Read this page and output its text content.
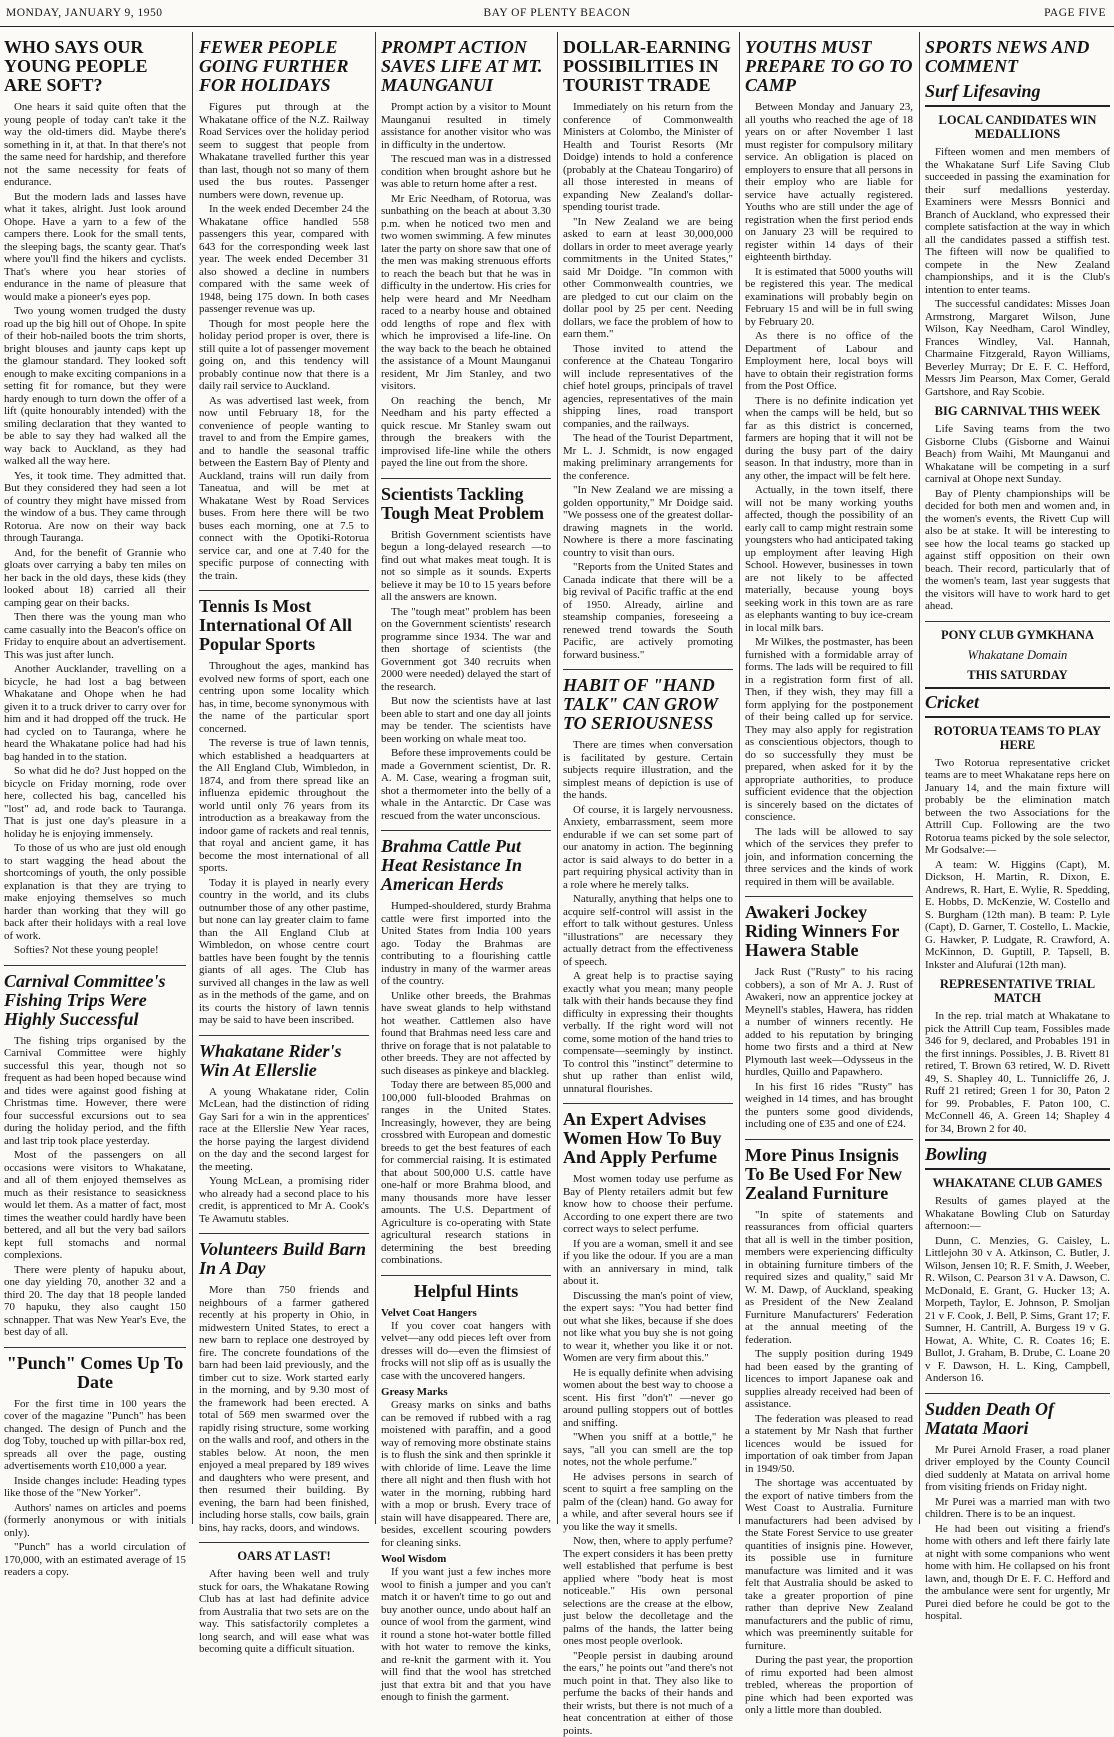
MONDAY, JANUARY 9, 1950	BAY OF PLENTY BEACON	PAGE FIVE
WHO SAYS OUR YOUNG PEOPLE ARE SOFT?

One hears it said quite often that the young people of today can't take it the way the old-timers did. Maybe there's something in it, at that. In that there's not the same need for hardship, and therefore not the same necessity for feats of endurance.

But the modern lads and lasses have what it takes, alright. Just look around Ohope. Have a yarn to a few of the campers there. Look for the small tents, the sleeping bags, the scanty gear. That's where you'll find the hikers and cyclists. That's where you hear stories of endurance in the name of pleasure that would make a pioneer's eyes pop.

Two young women trudged the dusty road up the big hill out of Ohope. In spite of their hob-nailed boots the trim shorts, bright blouses and jaunty caps kept up the glamour standard. They looked soft enough to make exciting companions in a setting fit for romance, but they were hardy enough to turn down the offer of a lift (quite honourably intended) with the smiling declaration that they wanted to be able to say they had walked all the way back to Auckland, as they had walked all the way here.

Yes, it took time. They admitted that. But they considered they had seen a lot of country they might have missed from the window of a bus. They came through Rotorua. Are now on their way back through Tauranga.

And, for the benefit of Grannie who gloats over carrying a baby ten miles on her back in the old days, these kids (they looked about 18) carried all their camping gear on their backs.

Then there was the young man who came casually into the Beacon's office on Friday to enquire about an advertisement. This was just after lunch.

Another Aucklander, travelling on a bicycle, he had lost a bag between Whakatane and Ohope when he had given it to a truck driver to carry over for him and it had dropped off the truck. He had cycled on to Tauranga, where he heard the Whakatane police had had his bag handed in to the station.

So what did he do? Just hopped on the bicycle on Friday morning, rode over here, collected his bag, cancelled his "lost" ad, and rode back to Tauranga. That is just one day's pleasure in a holiday he is enjoying immensely.

To those of us who are just old enough to start wagging the head about the shortcomings of youth, the only possible explanation is that they are trying to make enjoying themselves so much harder than working that they will go back after their holidays with a real love of work.

Softies? Not these young people!

Carnival Committee's Fishing Trips Were Highly Successful

The fishing trips organised by the Carnival Committee were highly successful this year, though not so frequent as had been hoped because wind and tides were against good fishing at Christmas time. However, there were four successful excursions out to sea during the holiday period, and the fifth and last trip took place yesterday.

Most of the passengers on all occasions were visitors to Whakatane, and all of them enjoyed themselves as much as their resistance to seasickness would let them. As a matter of fact, most times the weather could hardly have been bettered, and all but the very bad sailors kept full stomachs and normal complexions.

There were plenty of hapuku about, one day yielding 70, another 32 and a third 20. The day that 18 people landed 70 hapuku, they also caught 150 schnapper. That was New Year's Eve, the best day of all.

"Punch" Comes Up To Date

For the first time in 100 years the cover of the magazine "Punch" has been changed. The design of Punch and the dog Toby, touched up with pillar-box red, spreads all over the page, ousting advertisements worth £10,000 a year.

Inside changes include: Heading types like those of the "New Yorker".

Authors' names on articles and poems (formerly anonymous or with initials only).

"Punch" has a world circulation of 170,000, with an estimated average of 15 readers a copy.

FEWER PEOPLE GOING FURTHER FOR HOLIDAYS

Figures put through at the Whakatane office of the N.Z. Railway Road Services over the holiday period seem to suggest that people from Whakatane travelled further this year than last, though not so many of them used the bus routes. Passenger numbers were down, revenue up.

In the week ended December 24 the Whakatane office handled 558 passengers this year, compared with 643 for the corresponding week last year. The week ended December 31 also showed a decline in numbers compared with the same week of 1948, being 175 down. In both cases passenger revenue was up.

Though for most people here the holiday period proper is over, there is still quite a lot of passenger movement going on, and this tendency will probably continue now that there is a daily rail service to Auckland.

As was advertised last week, from now until February 18, for the convenience of people wanting to travel to and from the Empire games, and to handle the seasonal traffic between the Eastern Bay of Plenty and Auckland, trains will run daily from Taneatua, and will be met at Whakatane West by Road Services buses. From here there will be two buses each morning, one at 7.5 to connect with the Opotiki-Rotorua service car, and one at 7.40 for the specific purpose of connecting with the train.

Tennis Is Most International Of All Popular Sports

Throughout the ages, mankind has evolved new forms of sport, each one centring upon some locality which has, in time, become synonymous with the name of the particular sport concerned.

The reverse is true of lawn tennis, which established a headquarters at the All England Club, Wimbledon, in 1874, and from there spread like an influenza epidemic throughout the world until only 76 years from its introduction as a breakaway from the indoor game of rackets and real tennis, that royal and ancient game, it has become the most international of all sports.

Today it is played in nearly every country in the world, and its clubs outnumber those of any other pastime, but none can lay greater claim to fame than the All England Club at Wimbledon, on whose centre court battles have been fought by the tennis giants of all ages. The Club has survived all changes in the law as well as in the methods of the game, and on its courts the history of lawn tennis may be said to have been inscribed.

Whakatane Rider's Win At Ellerslie

A young Whakatane rider, Colin McLean, had the distinction of riding Gay Sari for a win in the apprentices' race at the Ellerslie New Year races, the horse paying the largest dividend on the day and the second largest for the meeting.

Young McLean, a promising rider who already had a second place to his credit, is apprenticed to Mr A. Cook's Te Awamutu stables.

Volunteers Build Barn In A Day

More than 750 friends and neighbours of a farmer gathered recently at his property in Ohio, in midwestern United States, to erect a new barn to replace one destroyed by fire. The concrete foundations of the barn had been laid previously, and the timber cut to size. Work started early in the morning, and by 9.30 most of the framework had been erected. A total of 569 men swarmed over the rapidly rising structure, some working on the walls and roof, and others in the stables below. At noon, the men enjoyed a meal prepared by 189 wives and daughters who were present, and then resumed their building. By evening, the barn had been finished, including horse stalls, cow bails, grain bins, hay racks, doors, and windows.

OARS AT LAST!

After having been well and truly stuck for oars, the Whakatane Rowing Club has at last had definite advice from Australia that two sets are on the way. This satisfactorily completes a long search, and will ease what was becoming quite a difficult situation.

PROMPT ACTION SAVES LIFE AT MT. MAUNGANUI

Prompt action by a visitor to Mount Maunganui resulted in timely assistance for another visitor who was in difficulty in the undertow.

The rescued man was in a distressed condition when brought ashore but he was able to return home after a rest.

Mr Eric Needham, of Rotorua, was sunbathing on the beach at about 3.30 p.m. when he noticed two men and two women swimming. A few minutes later the party on shore saw that one of the men was making strenuous efforts to reach the beach but that he was in difficulty in the undertow. His cries for help were heard and Mr Needham raced to a nearby house and obtained odd lengths of rope and flex with which he improvised a life-line. On the way back to the beach he obtained the assistance of a Mount Maunganui resident, Mr Jim Stanley, and two visitors.

On reaching the bench, Mr Needham and his party effected a quick rescue. Mr Stanley swam out through the breakers with the improvised life-line while the others payed the line out from the shore.

Scientists Tackling Tough Meat Problem

British Government scientists have begun a long-delayed research —to find out what makes meat tough. It is not so simple as it sounds. Experts believe it may be 10 to 15 years before all the answers are known.

The "tough meat" problem has been on the Government scientists' research programme since 1934. The war and then shortage of scientists (the Government got 340 recruits when 2000 were needed) delayed the start of the research.

But now the scientists have at last been able to start and one day all joints may be tender. The scientists have been working on whale meat too.

Before these improvements could be made a Government scientist, Dr. R. A. M. Case, wearing a frogman suit, shot a thermometer into the belly of a whale in the Antarctic. Dr Case was rescued from the water unconscious.

Brahma Cattle Put Heat Resistance In American Herds

Humped-shouldered, sturdy Brahma cattle were first imported into the United States from India 100 years ago. Today the Brahmas are contributing to a flourishing cattle industry in many of the warmer areas of the country.

Unlike other breeds, the Brahmas have sweat glands to help withstand hot weather. Cattlemen also have found that Brahmas need less care and thrive on forage that is not palatable to other breeds. They are not affected by such diseases as pinkeye and blackleg.

Today there are between 85,000 and 100,000 full-blooded Brahmas on ranges in the United States. Increasingly, however, they are being crossbred with European and domestic breeds to get the best features of each for commercial raising. It is estimated that about 500,000 U.S. cattle have one-half or more Brahma blood, and many thousands more have lesser amounts. The U.S. Department of Agriculture is co-operating with State agricultural research stations in determining the best breeding combinations.

Helpful Hints
Velvet Coat Hangers

If you cover coat hangers with velvet—any odd pieces left over from dresses will do—even the flimsiest of frocks will not slip off as is usually the case with the uncovered hangers.

Greasy Marks

Greasy marks on sinks and baths can be removed if rubbed with a rag moistened with paraffin, and a good way of removing more obstinate stains is to flush the sink and then sprinkle it with chloride of lime. Leave the lime there all night and then flush with hot water in the morning, rubbing hard with a mop or brush. Every trace of stain will have disappeared. There are, besides, excellent scouring powders for cleaning sinks.

Wool Wisdom

If you want just a few inches more wool to finish a jumper and you can't match it or haven't time to go out and buy another ounce, undo about half an ounce of wool from the garment, wind it round a stone hot-water bottle filled with hot water to remove the kinks, and re-knit the garment with it. You will find that the wool has stretched just that extra bit and that you have enough to finish the garment.

DOLLAR-EARNING POSSIBILITIES IN TOURIST TRADE

Immediately on his return from the conference of Commonwealth Ministers at Colombo, the Minister of Health and Tourist Resorts (Mr Doidge) intends to hold a conference (probably at the Chateau Tongariro) of all those interested in means of expanding New Zealand's dollar-spending tourist trade.

"In New Zealand we are being asked to earn at least 30,000,000 dollars in order to meet average yearly commitments in the United States," said Mr Doidge. "In common with other Commonwealth countries, we are pledged to cut our claim on the dollar pool by 25 per cent. Needing dollars, we face the problem of how to earn them."

Those invited to attend the conference at the Chateau Tongariro will include representatives of the chief hotel groups, principals of travel agencies, representatives of the main shipping lines, road transport companies, and the railways.

The head of the Tourist Department, Mr L. J. Schmidt, is now engaged making preliminary arrangements for the conference.

"In New Zealand we are missing a golden opportunity," Mr Doidge said. "We possess one of the greatest dollar-drawing magnets in the world. Nowhere is there a more fascinating country to visit than ours.

"Reports from the United States and Canada indicate that there will be a big revival of Pacific traffic at the end of 1950. Already, airline and steamship companies, foreseeing a renewed trend towards the South Pacific, are actively promoting forward business."

HABIT OF "HAND TALK" CAN GROW TO SERIOUSNESS

There are times when conversation is facilitated by gesture. Certain subjects require illustration, and the simplest means of depiction is use of the hands.

Of course, it is largely nervousness. Anxiety, embarrassment, seem more endurable if we can set some part of our anatomy in action. The beginning actor is said always to do better in a part requiring physical activity than in a role where he merely talks.

Naturally, anything that helps one to acquire self-control will assist in the effort to talk without gestures. Unless "illustrations" are necessary they actually detract from the effectiveness of speech.

A great help is to practise saying exactly what you mean; many people talk with their hands because they find difficulty in expressing their thoughts verbally. If the right word will not come, some motion of the hand tries to compensate—seemingly by instinct. To control this "instinct" determine to shut up rather than enlist wild, unnatural flourishes.

An Expert Advises Women How To Buy And Apply Perfume

Most women today use perfume as Bay of Plenty retailers admit but few know how to choose their perfume. According to one expert there are two correct ways to select perfume.

If you are a woman, smell it and see if you like the odour. If you are a man with an anniversary in mind, talk about it.

Discussing the man's point of view, the expert says: "You had better find out what she likes, because if she does not like what you buy she is not going to wear it, whether you like it or not. Women are very firm about this."

He is equally definite when advising women about the best way to choose a scent. His first "don't" —never go around pulling stoppers out of bottles and sniffing.

"When you sniff at a bottle," he says, "all you can smell are the top notes, not the whole perfume."

He advises persons in search of scent to squirt a free sampling on the palm of the (clean) hand. Go away for a while, and after several hours see if you like the way it smells.

Now, then, where to apply perfume? The expert considers it has been pretty well established that perfume is best applied where "body heat is most noticeable." His own personal selections are the crease at the elbow, just below the decolletage and the palms of the hands, the latter being ones most people overlook.

"People persist in daubing around the ears," he points out "and there's not much point in that. They also like to perfume the backs of their hands and their wrists, but there is not much of a heat concentration at either of those points.

YOUTHS MUST PREPARE TO GO TO CAMP

Between Monday and January 23, all youths who reached the age of 18 years on or after November 1 last must register for compulsory military service. An obligation is placed on employers to ensure that all persons in their employ who are liable for service have actually registered. Youths who are still under the age of registration when the first period ends on January 23 will be required to register within 14 days of their eighteenth birthday.

It is estimated that 5000 youths will be registered this year. The medical examinations will probably begin on February 15 and will be in full swing by February 20.

As there is no office of the Department of Labour and Employment here, local boys will have to obtain their registration forms from the Post Office.

There is no definite indication yet when the camps will be held, but so far as this district is concerned, farmers are hoping that it will not be during the busy part of the dairy season. In that industry, more than in any other, the impact will be felt here.

Actually, in the town itself, there will not be many working youths affected, though the possibility of an early call to camp might restrain some youngsters who had anticipated taking up employment after leaving High School. However, businesses in town are not likely to be affected materially, because young boys seeking work in this town are as rare as elephants wanting to buy ice-cream in local milk bars.

Mr Wilkes, the postmaster, has been furnished with a formidable array of forms. The lads will be required to fill in a registration form first of all. Then, if they wish, they may fill a form applying for the postponement of their being called up for service. They may also apply for registration as conscientious objectors, though to do so successfully they must be prepared, when asked for it by the appropriate authorities, to produce sufficient evidence that the objection is sincerely based on the dictates of conscience.

The lads will be allowed to say which of the services they prefer to join, and information concerning the three services and the kinds of work required in them will be available.

Awakeri Jockey Riding Winners For Hawera Stable

Jack Rust ("Rusty" to his racing cobbers), a son of Mr A. J. Rust of Awakeri, now an apprentice jockey at Meynell's stables, Hawera, has ridden a number of winners recently. He added to his reputation by bringing home two firsts and a third at New Plymouth last week—Odysseus in the hurdles, Quillo and Papawhero.

In his first 16 rides "Rusty" has weighed in 14 times, and has brought the punters some good dividends, including one of £35 and one of £24.

More Pinus Insignis To Be Used For New Zealand Furniture

"In spite of statements and reassurances from official quarters that all is well in the timber position, members were experiencing difficulty in obtaining furniture timbers of the required sizes and quality," said Mr W. M. Dawp, of Auckland, speaking as President of the New Zealand Furniture Manufacturers' Federation at the annual meeting of the federation.

The supply position during 1949 had been eased by the granting of licences to import Japanese oak and supplies already received had been of assistance.

The federation was pleased to read a statement by Mr Nash that further licences would be issued for importation of oak timber from Japan in 1949/50.

The shortage was accentuated by the export of native timbers from the West Coast to Australia. Furniture manufacturers had been advised by the State Forest Service to use greater quantities of insignis pine. However, its possible use in furniture manufacture was limited and it was felt that Australia should be asked to take a greater proportion of pine rather than deprive New Zealand manufacturers and the public of rimu, which was preeminently suitable for furniture.

During the past year, the proportion of rimu exported had been almost trebled, whereas the proportion of pine which had been exported was only a little more than doubled.

SPORTS NEWS AND COMMENT
Surf Lifesaving
LOCAL CANDIDATES WIN MEDALLIONS

Fifteen women and men members of the Whakatane Surf Life Saving Club succeeded in passing the examination for their surf medallions yesterday. Examiners were Messrs Bonnici and Branch of Auckland, who expressed their complete satisfaction at the way in which all the candidates passed a stiffish test. The fifteen will now be qualified to compete in the New Zealand championships, and it is the Club's intention to enter teams.

The successful candidates: Misses Joan Armstrong, Margaret Wilson, June Wilson, Kay Needham, Carol Windley, Frances Windley, Val. Hannah, Charmaine Fitzgerald, Rayon Williams, Beverley Murray; Dr E. F. C. Hefford, Messrs Jim Pearson, Max Comer, Gerald Gartshore, and Ray Scobie.

BIG CARNIVAL THIS WEEK

Life Saving teams from the two Gisborne Clubs (Gisborne and Wainui Beach) from Waihi, Mt Maunganui and Whakatane will be competing in a surf carnival at Ohope next Sunday.

Bay of Plenty championships will be decided for both men and women and, in the women's events, the Rivett Cup will also be at stake. It will be interesting to see how the local teams go stacked up against stiff opposition on their own beach. Their record, particularly that of the women's team, last year suggests that the visitors will have to work hard to get ahead.

PONY CLUB GYMKHANA
Whakatane Domain
THIS SATURDAY
Cricket
ROTORUA TEAMS TO PLAY HERE

Two Rotorua representative cricket teams are to meet Whakatane reps here on January 14, and the main fixture will probably be the elimination match between the two Associations for the Attrill Cup. Following are the two Rotorua teams picked by the sole selector, Mr Godsalve:—

A team: W. Higgins (Capt), M. Dickson, H. Martin, R. Dixon, E. Andrews, R. Hart, E. Wylie, R. Spedding, E. Hobbs, D. McKenzie, W. Costello and S. Burgham (12th man). B team: P. Lyle (Capt), D. Garner, T. Costello, L. Mackie, G. Hawker, P. Ludgate, R. Crawford, A. McKinnon, D. Guptill, P. Tapsell, B. Inkster and Alufurai (12th man).

REPRESENTATIVE TRIAL MATCH

In the rep. trial match at Whakatane to pick the Attrill Cup team, Fossibles made 346 for 9, declared, and Probables 191 in the first innings. Possibles, J. B. Rivett 81 retired, T. Brown 63 retired, W. D. Rivett 49, S. Shapley 40, L. Tunnicliffe 26, J. Ruff 21 retired; Green 1 for 30, Paton 2 for 99. Probables, F. Paton 100, C. McConnell 46, A. Green 14; Shapley 4 for 34, Brown 2 for 40.

Bowling
WHAKATANE CLUB GAMES

Results of games played at the Whakatane Bowling Club on Saturday afternoon:—

Dunn, C. Menzies, G. Caisley, L. Littlejohn 30 v A. Atkinson, C. Butler, J. Wilson, Jensen 10; R. F. Smith, J. Weeber, R. Wilson, C. Pearson 31 v A. Dawson, C. McDonald, E. Grant, G. Hucker 13; A. Morpeth, Taylor, E. Johnson, P. Smoljan 21 v F. Cook, J. Bell, P. Sims, Grant 17; F. Sumner, H. Cantrill, A. Burgess 19 v G. Howat, A. White, C. R. Coates 16; E. Bullot, J. Graham, B. Drube, C. Loane 20 v F. Dawson, H. L. King, Campbell, Anderson 16.

Sudden Death Of Matata Maori

Mr Purei Arnold Fraser, a road planer driver employed by the County Council died suddenly at Matata on arrival home from visiting friends on Friday night.

Mr Purei was a married man with two children. There is to be an inquest.

He had been out visiting a friend's home with others and left there fairly late at night with some companions who went home with him. He collapsed on his front lawn, and, though Dr E. F. C. Hefford and the ambulance were sent for urgently, Mr Purei died before he could be got to the hospital.
